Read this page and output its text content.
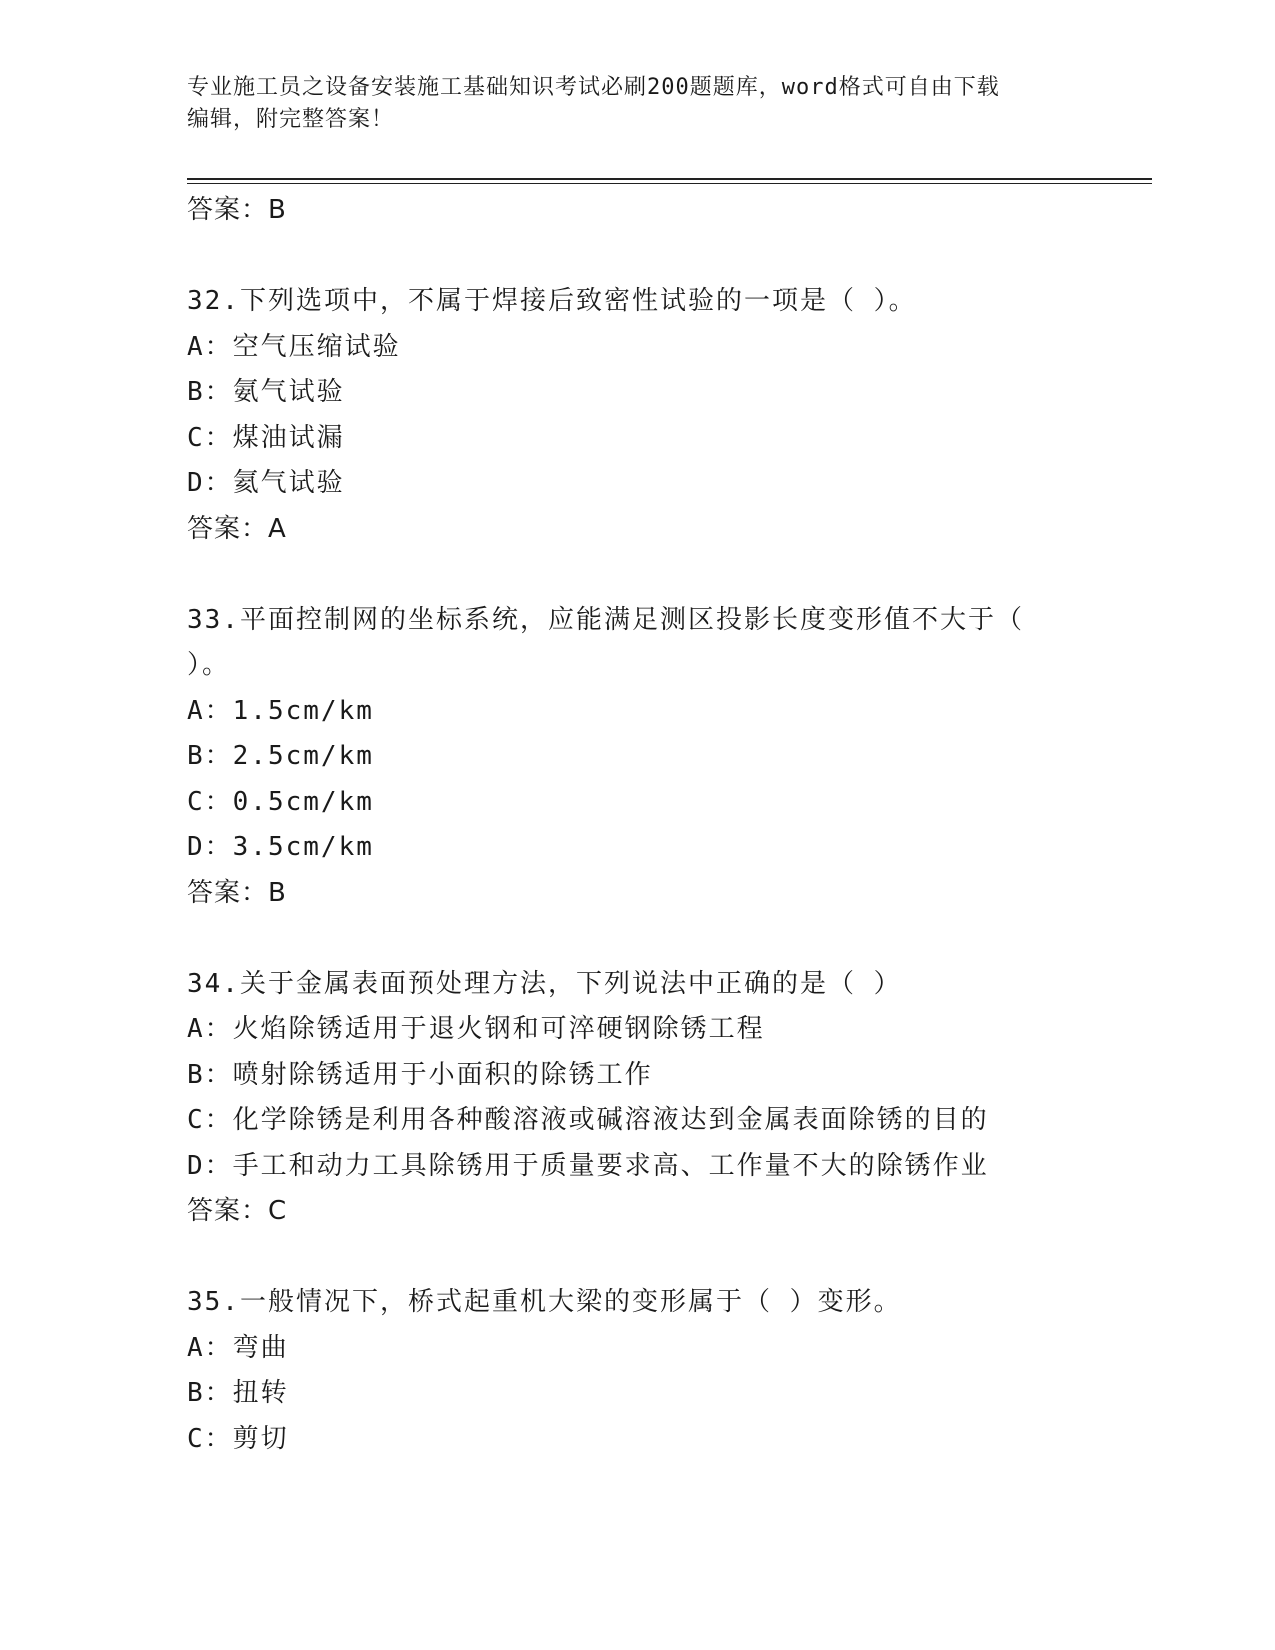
专业施工员之设备安装施工基础知识考试必刷200题题库，word格式可自由下载
编辑，附完整答案！
答案：B
32.下列选项中，不属于焊接后致密性试验的一项是（ ）。
A：空气压缩试验
B：氨气试验
C：煤油试漏
D：氦气试验
答案：A
33.平面控制网的坐标系统，应能满足测区投影长度变形值不大于（
）。
A：1.5cm/km
B：2.5cm/km
C：0.5cm/km
D：3.5cm/km
答案：B
34.关于金属表面预处理方法，下列说法中正确的是（ ）
A：火焰除锈适用于退火钢和可淬硬钢除锈工程
B：喷射除锈适用于小面积的除锈工作
C：化学除锈是利用各种酸溶液或碱溶液达到金属表面除锈的目的
D：手工和动力工具除锈用于质量要求高、工作量不大的除锈作业
答案：C
35.一般情况下，桥式起重机大梁的变形属于（ ）变形。
A：弯曲
B：扭转
C：剪切
